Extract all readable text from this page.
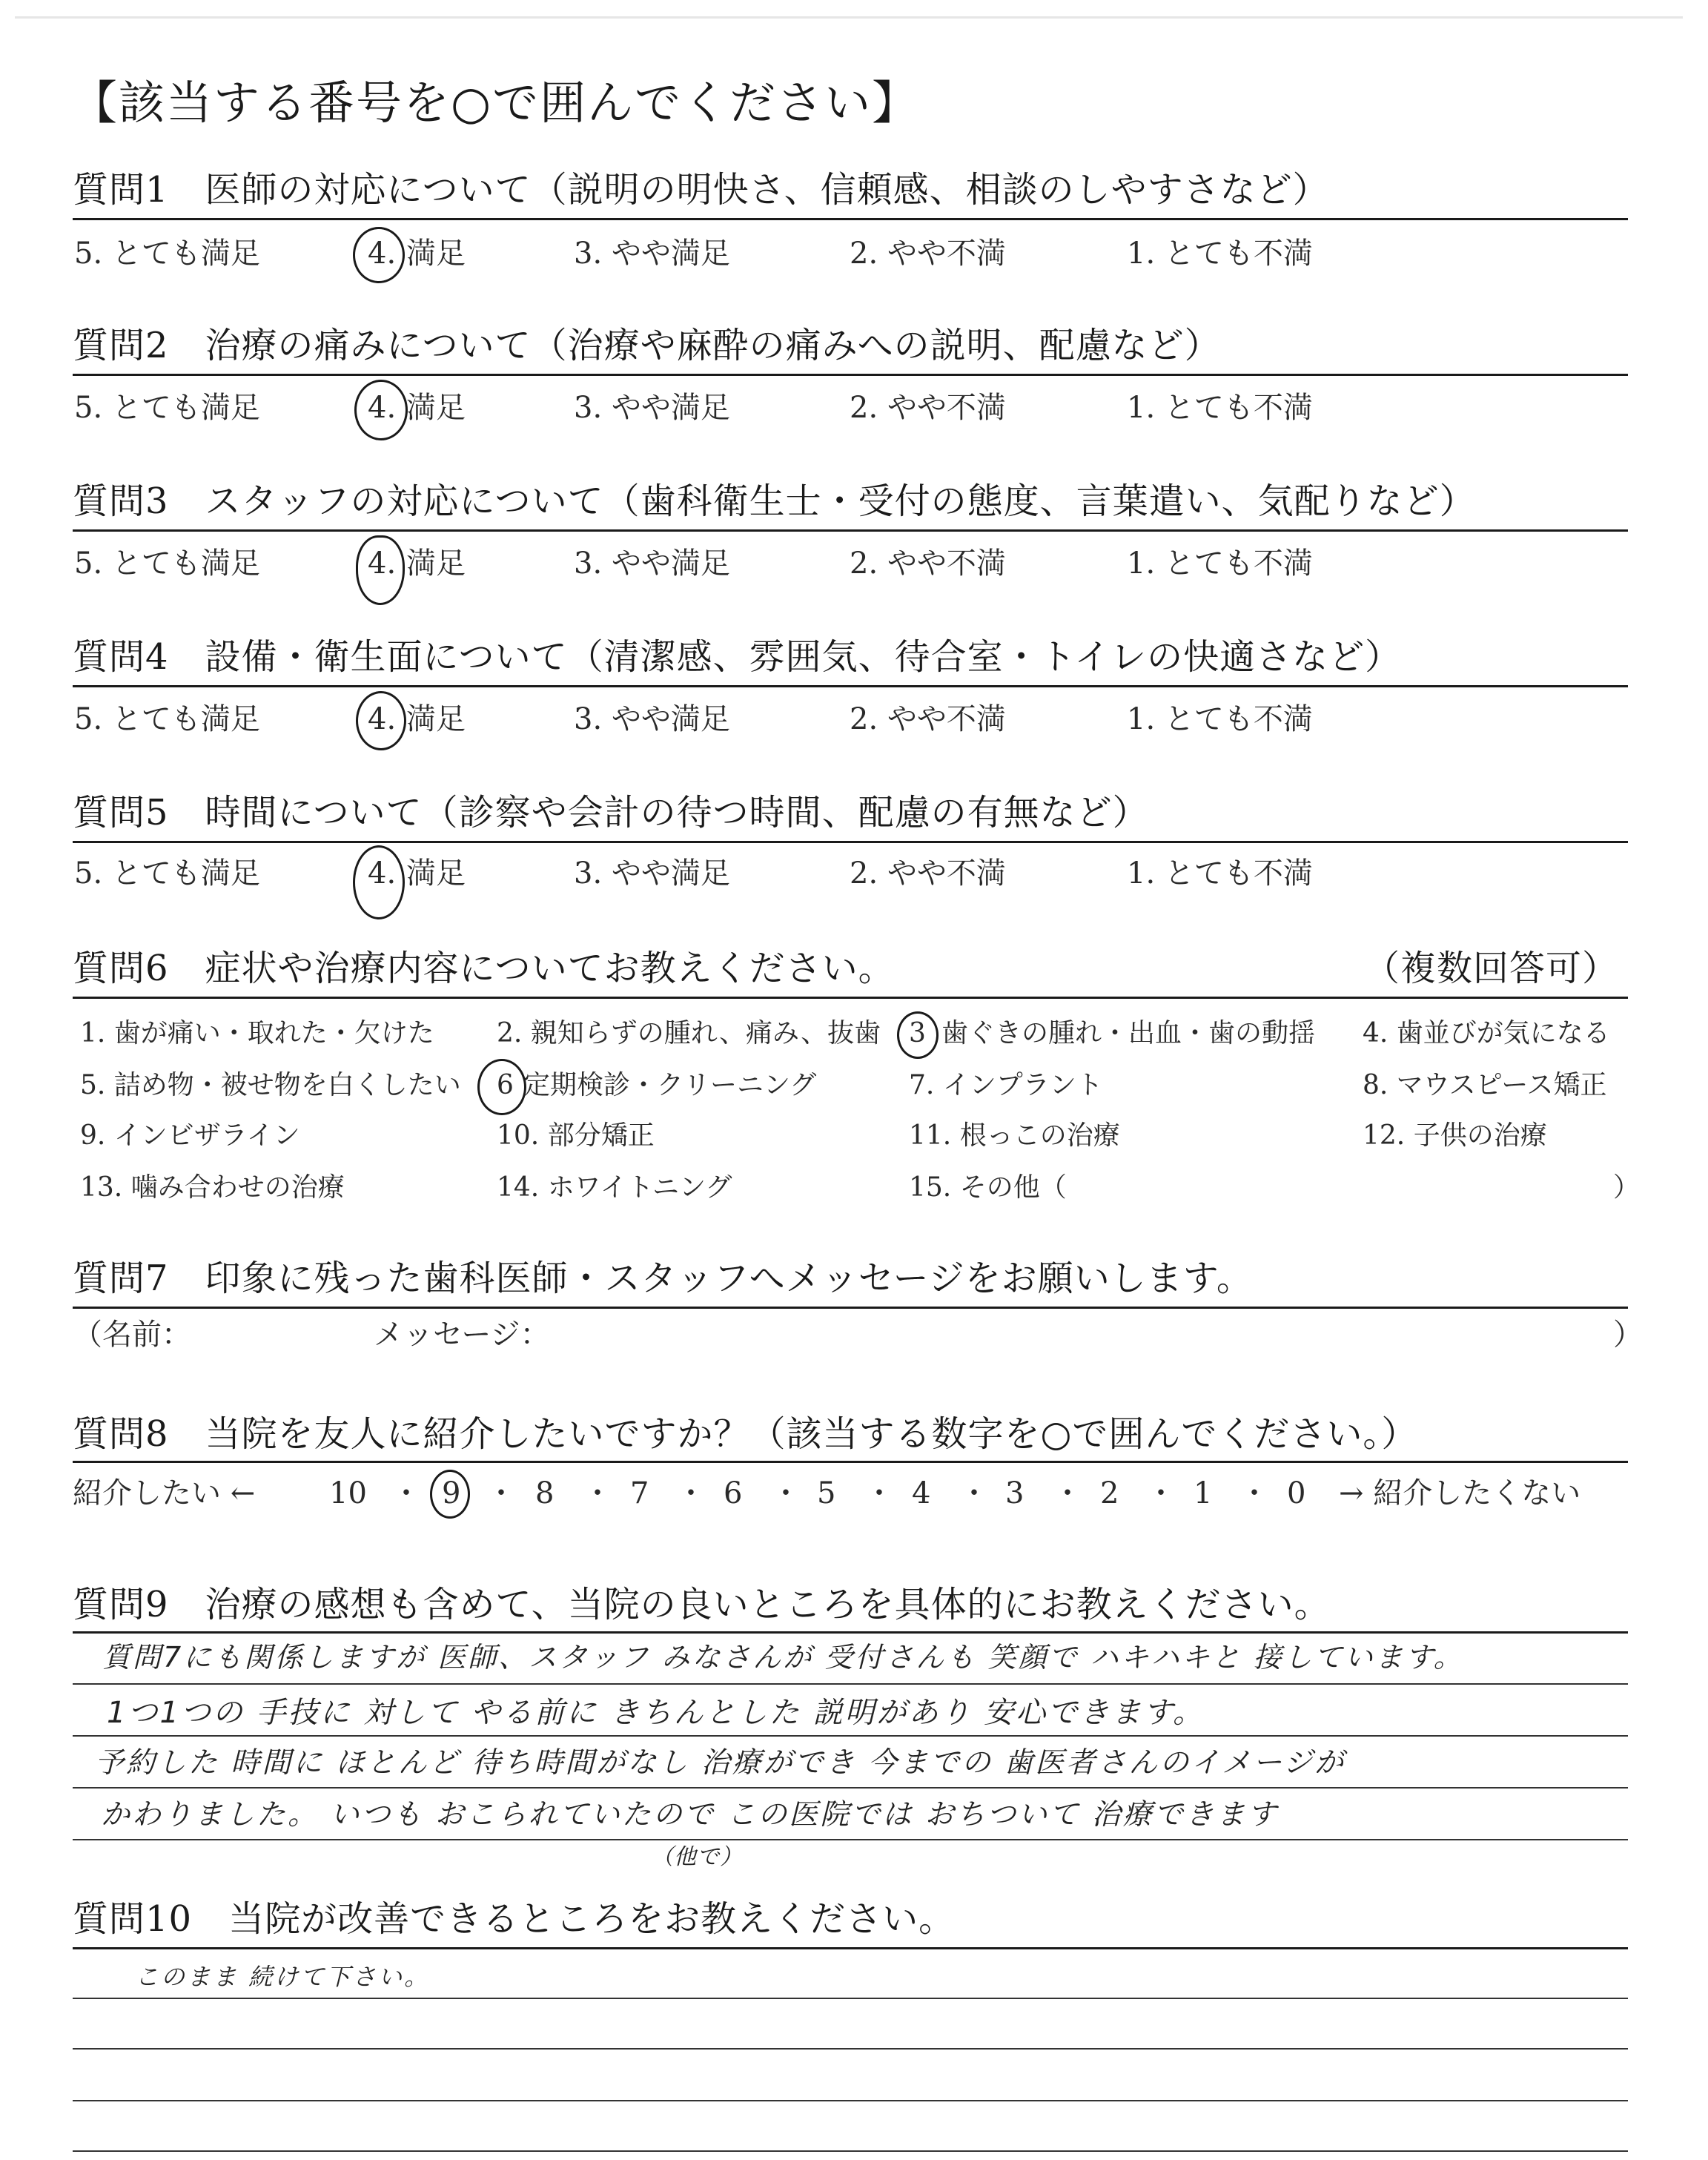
【該当する番号を○で囲んでください】
質問1　医師の対応について（説明の明快さ、信頼感、相談のしやすさなど）
5. とても満足	4. 満足	3. やや満足	2. やや不満	1. とても不満
質問2　治療の痛みについて（治療や麻酔の痛みへの説明、配慮など）
5. とても満足	4. 満足	3. やや満足	2. やや不満	1. とても不満
質問3　スタッフの対応について（歯科衛生士・受付の態度、言葉遣い、気配りなど）
5. とても満足	4. 満足	3. やや満足	2. やや不満	1. とても不満
質問4　設備・衛生面について（清潔感、雰囲気、待合室・トイレの快適さなど）
5. とても満足	4. 満足	3. やや満足	2. やや不満	1. とても不満
質問5　時間について（診察や会計の待つ時間、配慮の有無など）
5. とても満足	4. 満足	3. やや満足	2. やや不満	1. とても不満
質問6　症状や治療内容についてお教えください。	（複数回答可）
1. 歯が痛い・取れた・欠けた 2. 親知らずの腫れ、痛み、抜歯 3 歯ぐきの腫れ・出血・歯の動揺 4. 歯並びが気になる
5. 詰め物・被せ物を白くしたい 6 定期検診・クリーニング	7. インプラント	8. マウスピース矯正
9. インビザライン	10. 部分矯正	11. 根っこの治療	12. 子供の治療
13. 噛み合わせの治療	14. ホワイトニング	15. その他（	）
質問7　印象に残った歯科医師・スタッフへメッセージをお願いします。
（名前：	メッセージ：	）
質問8　当院を友人に紹介したいですか？（該当する数字を○で囲んでください。）
紹介したい ← 10 ・ 9 ・ 8 ・ 7 ・ 6 ・ 5 ・ 4 ・ 3 ・ 2 ・ 1 ・ 0 → 紹介したくない
質問9　治療の感想も含めて、当院の良いところを具体的にお教えください。
質問7にも関係しますが 医師、スタッフ みなさんが 受付さんも 笑顔で ハキハキと 接しています。
1つ1つの 手技に 対して やる前に きちんとした 説明があり 安心できます。
予約した 時間に ほとんど 待ち時間がなし 治療ができ 今までの 歯医者さんのイメージが
かわりました。 いつも おこられていたので この医院では おちついて 治療できます
（他で）
質問10　当院が改善できるところをお教えください。
このまま 続けて下さい。
